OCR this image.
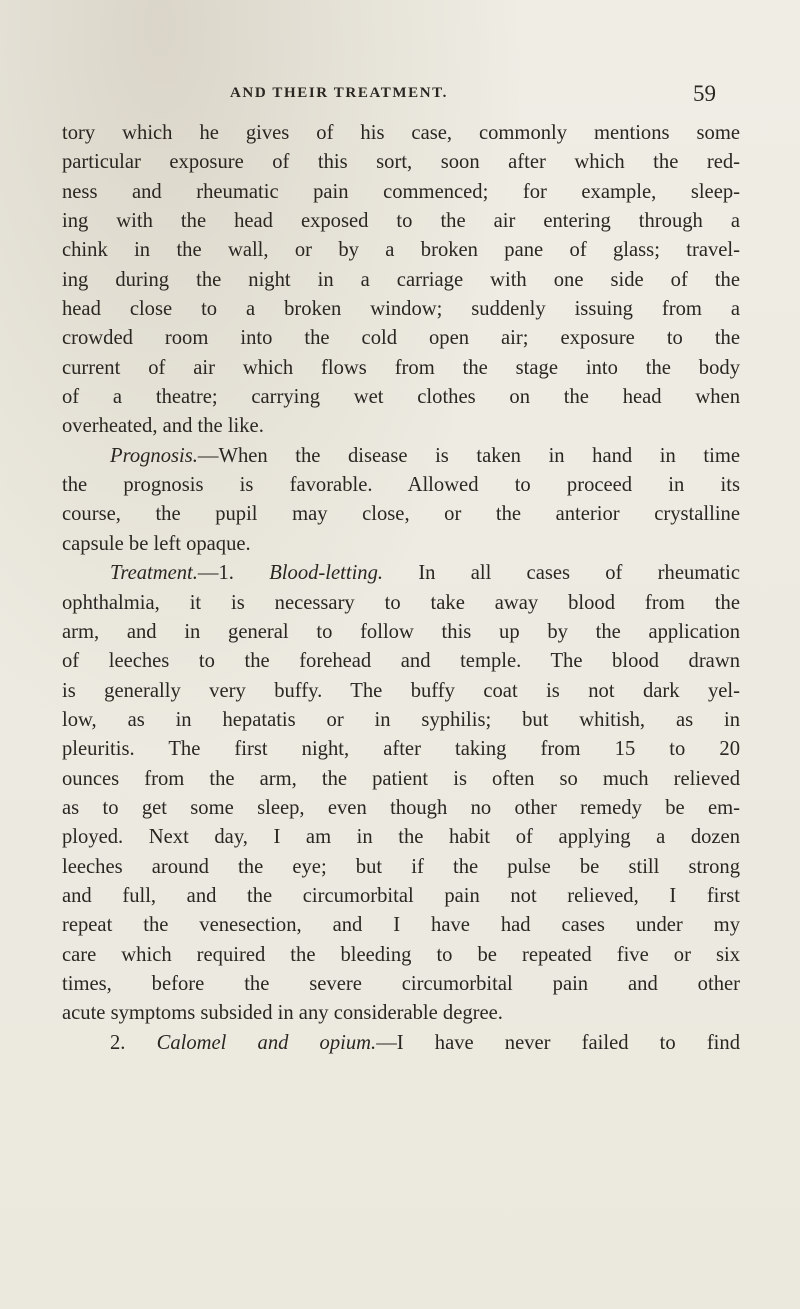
AND THEIR TREATMENT.	59
tory which he gives of his case, commonly mentions some
particular exposure of this sort, soon after which the red-
ness and rheumatic pain commenced; for example, sleep-
ing with the head exposed to the air entering through a
chink in the wall, or by a broken pane of glass; travel-
ing during the night in a carriage with one side of the
head close to a broken window; suddenly issuing from a
crowded room into the cold open air; exposure to the
current of air which flows from the stage into the body
of a theatre; carrying wet clothes on the head when
overheated, and the like.
Prognosis.—When the disease is taken in hand in time
the prognosis is favorable. Allowed to proceed in its
course, the pupil may close, or the anterior crystalline
capsule be left opaque.
Treatment.—1. Blood-letting. In all cases of rheumatic
ophthalmia, it is necessary to take away blood from the
arm, and in general to follow this up by the application
of leeches to the forehead and temple. The blood drawn
is generally very buffy. The buffy coat is not dark yel-
low, as in hepatatis or in syphilis; but whitish, as in
pleuritis. The first night, after taking from 15 to 20
ounces from the arm, the patient is often so much relieved
as to get some sleep, even though no other remedy be em-
ployed. Next day, I am in the habit of applying a dozen
leeches around the eye; but if the pulse be still strong
and full, and the circumorbital pain not relieved, I first
repeat the venesection, and I have had cases under my
care which required the bleeding to be repeated five or six
times, before the severe circumorbital pain and other
acute symptoms subsided in any considerable degree.
2. Calomel and opium.—I have never failed to find
